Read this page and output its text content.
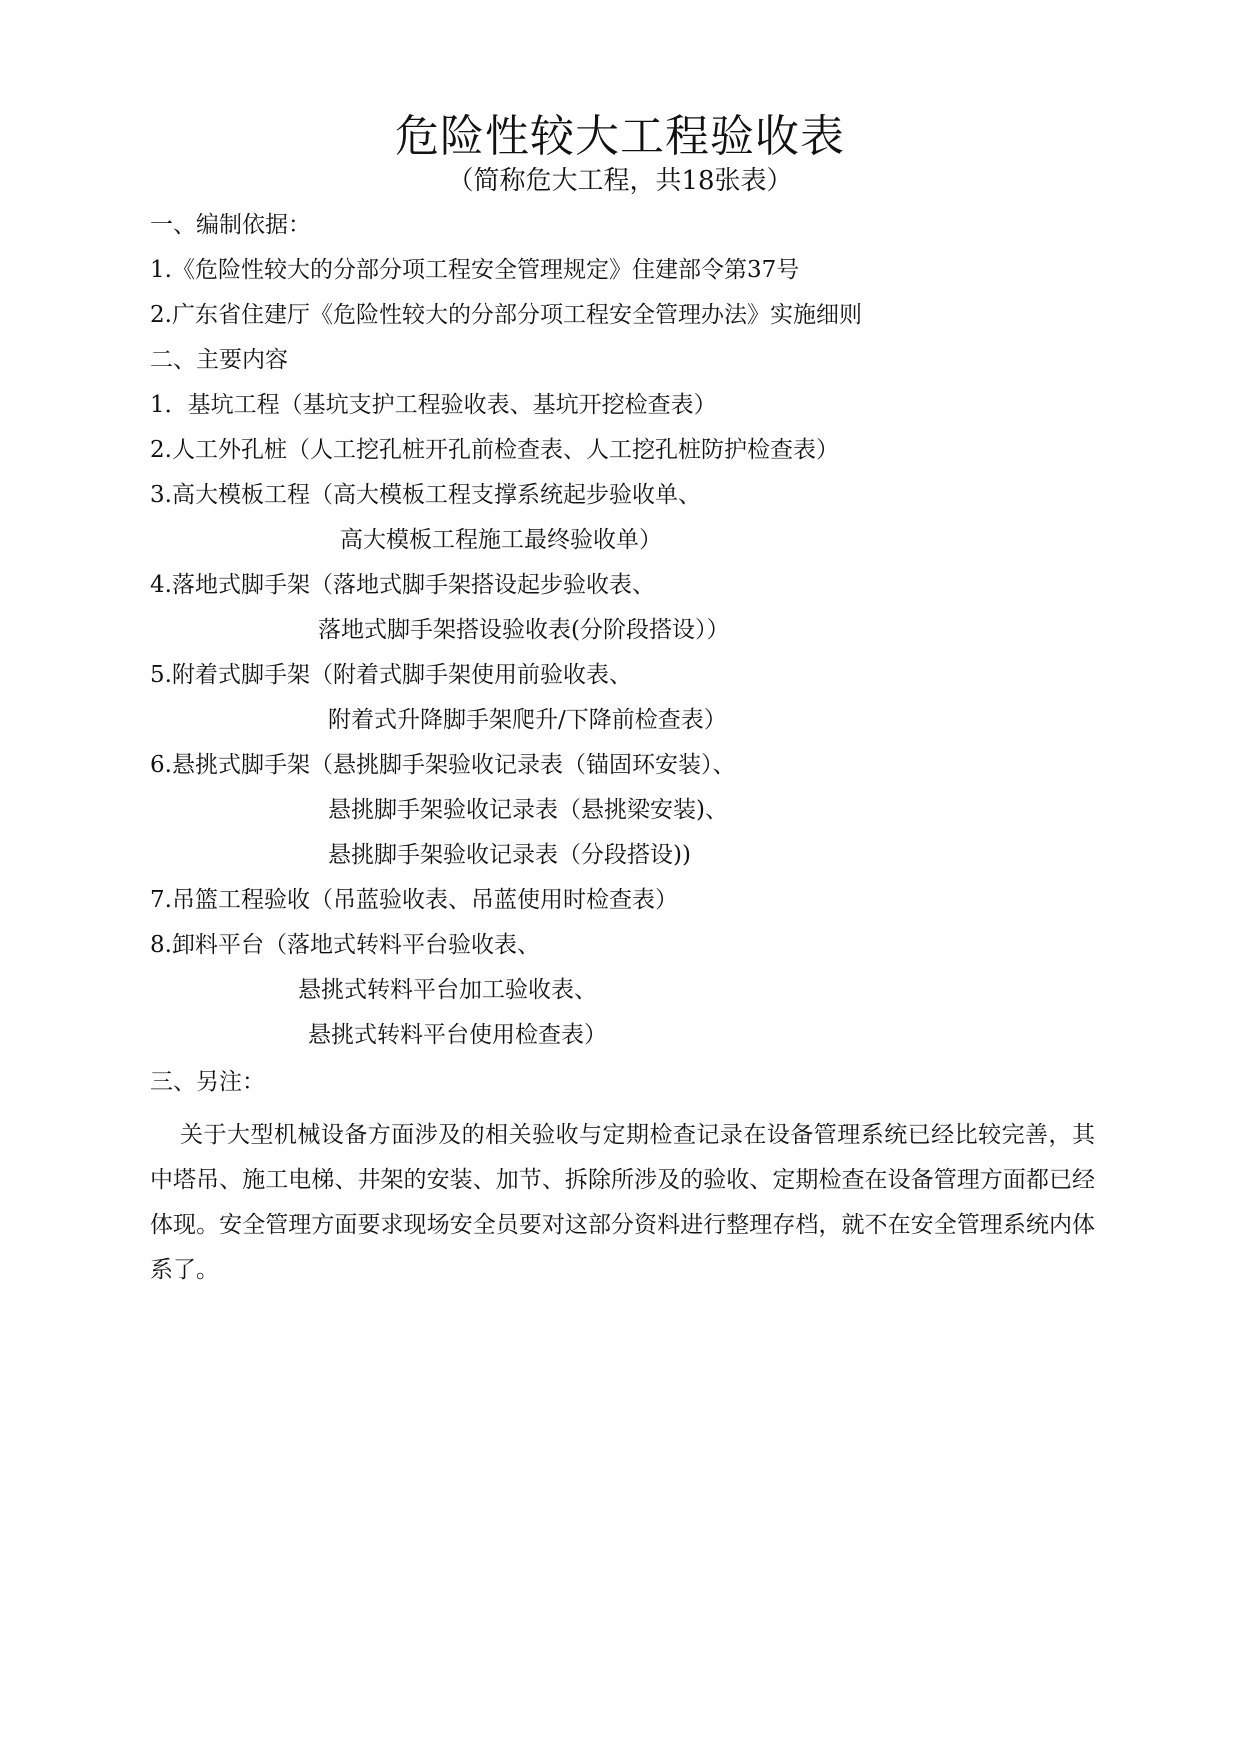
危险性较大工程验收表
（简称危大工程，共18张表）
一、编制依据：
1.《危险性较大的分部分项工程安全管理规定》住建部令第37号
2.广东省住建厅《危险性较大的分部分项工程安全管理办法》实施细则
二、主要内容
1．基坑工程（基坑支护工程验收表、基坑开挖检查表）
2.人工外孔桩（人工挖孔桩开孔前检查表、人工挖孔桩防护检查表）
3.高大模板工程（高大模板工程支撑系统起步验收单、
高大模板工程施工最终验收单）
4.落地式脚手架（落地式脚手架搭设起步验收表、
落地式脚手架搭设验收表(分阶段搭设））
5.附着式脚手架（附着式脚手架使用前验收表、
附着式升降脚手架爬升/下降前检查表）
6.悬挑式脚手架（悬挑脚手架验收记录表（锚固环安装）、
悬挑脚手架验收记录表（悬挑梁安装)、
悬挑脚手架验收记录表（分段搭设))
7.吊篮工程验收（吊蓝验收表、吊蓝使用时检查表）
8.卸料平台（落地式转料平台验收表、
悬挑式转料平台加工验收表、
悬挑式转料平台使用检查表）
三、另注：
关于大型机械设备方面涉及的相关验收与定期检查记录在设备管理系统已经比较完善，其中塔吊、施工电梯、井架的安装、加节、拆除所涉及的验收、定期检查在设备管理方面都已经体现。安全管理方面要求现场安全员要对这部分资料进行整理存档，就不在安全管理系统内体系了。
